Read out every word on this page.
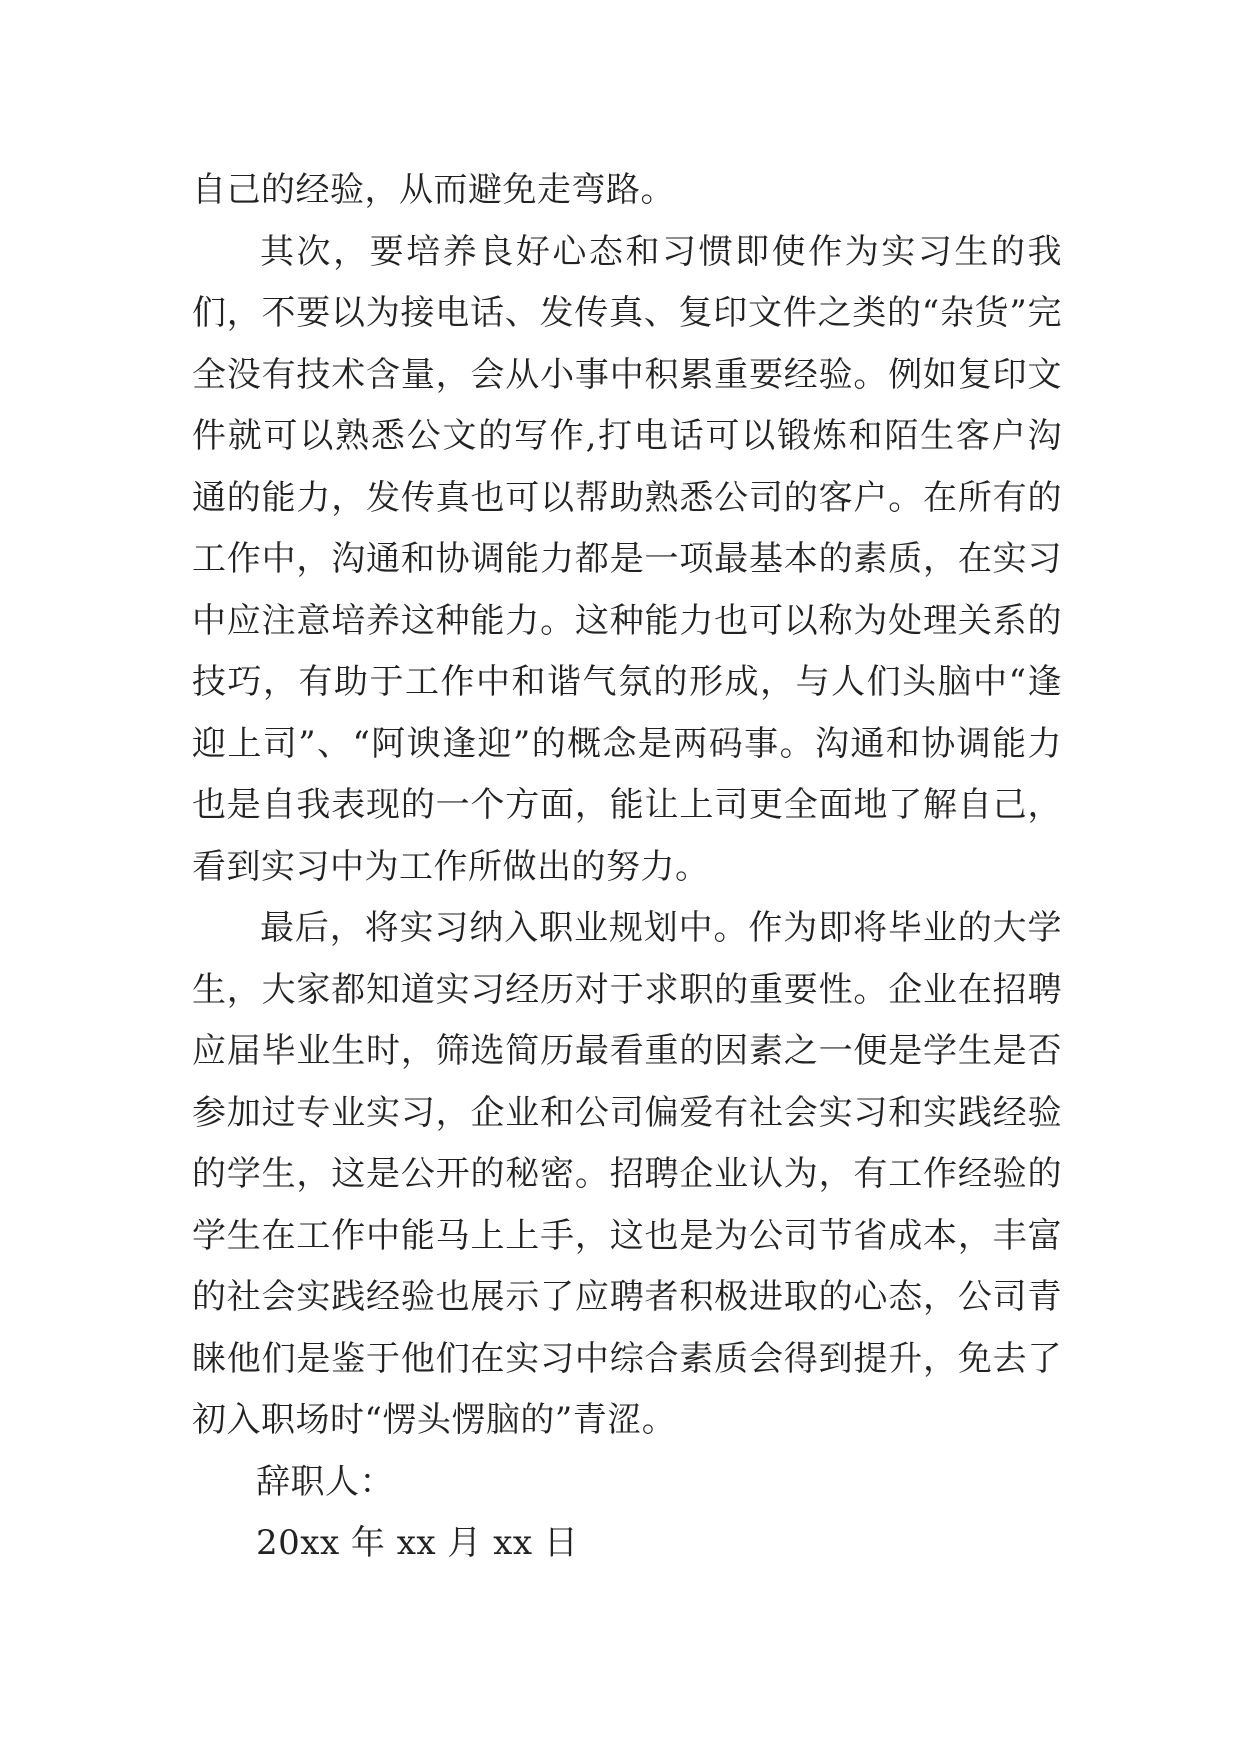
自己的经验，从而避免走弯路。

其次，要培养良好心态和习惯即使作为实习生的我们，不要以为接电话、发传真、复印文件之类的“杂货”完全没有技术含量，会从小事中积累重要经验。例如复印文件就可以熟悉公文的写作,打电话可以锻炼和陌生客户沟通的能力，发传真也可以帮助熟悉公司的客户。在所有的工作中，沟通和协调能力都是一项最基本的素质，在实习中应注意培养这种能力。这种能力也可以称为处理关系的技巧，有助于工作中和谐气氛的形成，与人们头脑中“逢迎上司”、“阿谀逢迎”的概念是两码事。沟通和协调能力也是自我表现的一个方面，能让上司更全面地了解自己，看到实习中为工作所做出的努力。

最后，将实习纳入职业规划中。作为即将毕业的大学生，大家都知道实习经历对于求职的重要性。企业在招聘应届毕业生时，筛选简历最看重的因素之一便是学生是否参加过专业实习，企业和公司偏爱有社会实习和实践经验的学生，这是公开的秘密。招聘企业认为，有工作经验的学生在工作中能马上上手，这也是为公司节省成本，丰富的社会实践经验也展示了应聘者积极进取的心态，公司青睐他们是鉴于他们在实习中综合素质会得到提升，免去了初入职场时“愣头愣脑的”青涩。

辞职人：

20xx 年 xx 月 xx 日
